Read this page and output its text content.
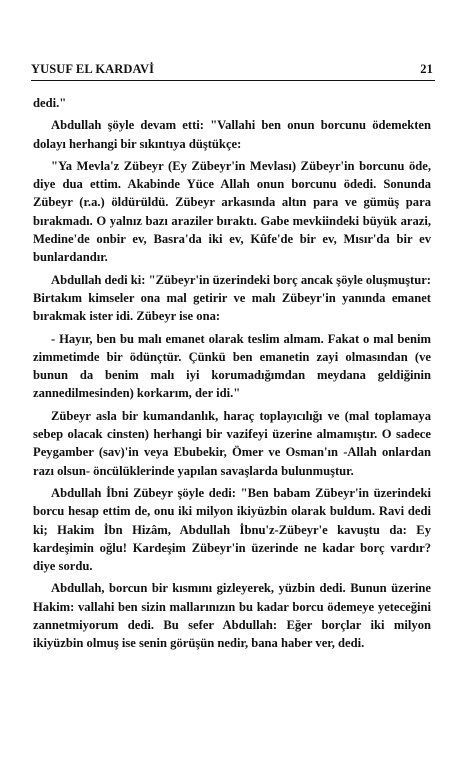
YUSUF EL KARDAVİ	21

dedi."

Abdullah şöyle devam etti: "Vallahi ben onun borcunu ödemekten dolayı herhangi bir sıkıntıya düştükçe:

"Ya Mevla'z Zübeyr (Ey Zübeyr'in Mevlası) Zübeyr'in borcunu öde, diye dua ettim. Akabinde Yüce Allah onun borcunu ödedi. Sonunda Zübeyr (r.a.) öldürüldü. Zübeyr arkasında altın para ve gümüş para bırakmadı. O yalnız bazı araziler bıraktı. Gabe mevkiindeki büyük arazi, Medine'de onbir ev, Basra'da iki ev, Kûfe'de bir ev, Mısır'da bir ev bunlardandır.

Abdullah dedi ki: "Zübeyr'in üzerindeki borç ancak şöyle oluşmuştur: Birtakım kimseler ona mal getirir ve malı Zübeyr'in yanında emanet bırakmak ister idi. Zübeyr ise ona:

- Hayır, ben bu malı emanet olarak teslim almam. Fakat o mal benim zimmetimde bir ödünçtür. Çünkü ben emanetin zayi olmasından (ve bunun da benim malı iyi korumadığımdan meydana geldiğinin zannedilmesinden) korkarım, der idi."

Zübeyr asla bir kumandanlık, haraç toplayıcılığı ve (mal toplamaya sebep olacak cinsten) herhangi bir vazifeyi üzerine almamıştır. O sadece Peygamber (sav)'in veya Ebubekir, Ömer ve Osman'ın -Allah onlardan razı olsun- öncülüklerinde yapılan savaşlarda bulunmuştur.

Abdullah İbni Zübeyr şöyle dedi: "Ben babam Zübeyr'in üzerindeki borcu hesap ettim de, onu iki milyon ikiyüzbin olarak buldum. Ravi dedi ki; Hakim İbn Hizâm, Abdullah İbnu'z-Zübeyr'e kavuştu da: Ey kardeşimin oğlu! Kardeşim Zübeyr'in üzerinde ne kadar borç vardır? diye sordu.

Abdullah, borcun bir kısmını gizleyerek, yüzbin dedi. Bunun üzerine Hakim: vallahi ben sizin mallarınızın bu kadar borcu ödemeye yeteceğini zannetmiyorum dedi. Bu sefer Abdullah: Eğer borçlar iki milyon ikiyüzbin olmuş ise senin görüşün nedir, bana haber ver, dedi.
